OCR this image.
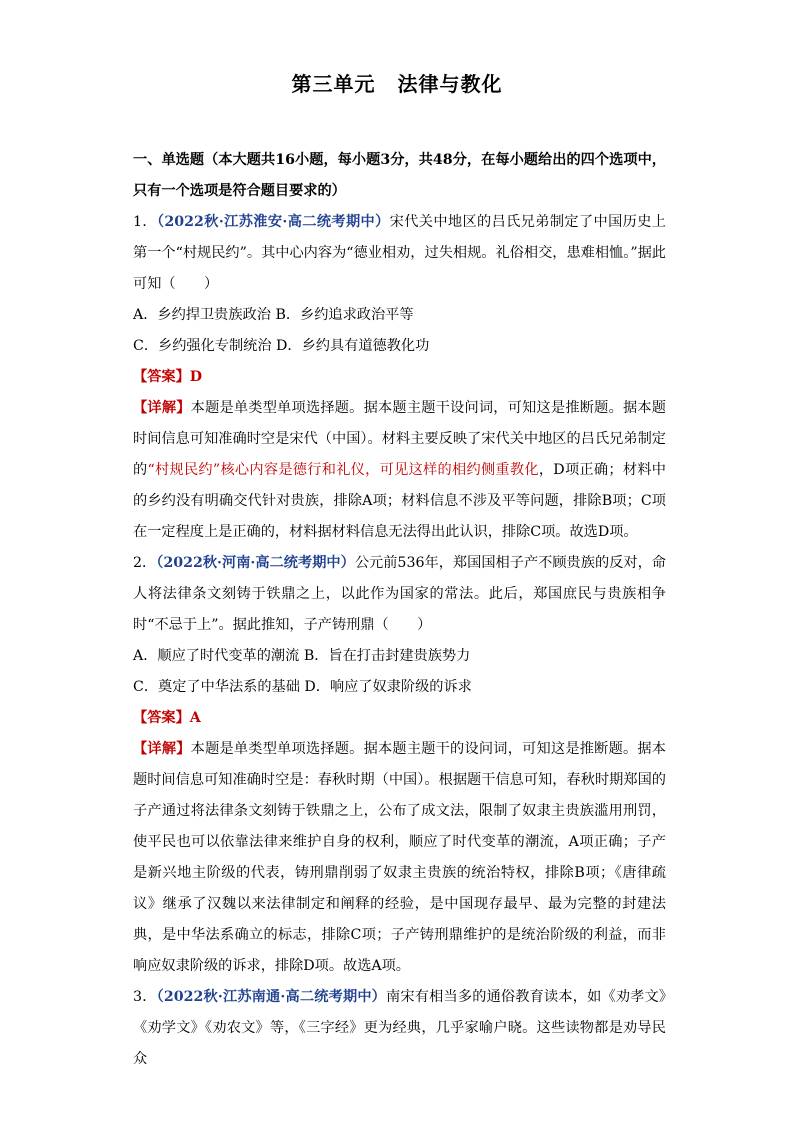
第三单元 法律与教化

一、单选题（本大题共16小题，每小题3分，共48分，在每小题给出的四个选项中，只有一个选项是符合题目要求的）

1．（2022秋·江苏淮安·高二统考期中）宋代关中地区的吕氏兄弟制定了中国历史上第一个“村规民约”。其中心内容为“德业相劝，过失相规。礼俗相交，患难相恤。”据此可知（　　）

A．乡约捍卫贵族政治 B．乡约追求政治平等

C．乡约强化专制统治 D．乡约具有道德教化功

【答案】D

【详解】本题是单类型单项选择题。据本题主题干设问词，可知这是推断题。据本题时间信息可知准确时空是宋代（中国）。材料主要反映了宋代关中地区的吕氏兄弟制定的“村规民约”核心内容是德行和礼仪，可见这样的相约侧重教化，D项正确；材料中的乡约没有明确交代针对贵族，排除A项；材料信息不涉及平等问题，排除B项；C项在一定程度上是正确的，材料据材料信息无法得出此认识，排除C项。故选D项。

2．（2022秋·河南·高二统考期中）公元前536年，郑国国相子产不顾贵族的反对，命人将法律条文刻铸于铁鼎之上，以此作为国家的常法。此后，郑国庶民与贵族相争时“不忌于上”。据此推知，子产铸刑鼎（　　）

A．顺应了时代变革的潮流 B．旨在打击封建贵族势力

C．奠定了中华法系的基础 D．响应了奴隶阶级的诉求

【答案】A

【详解】本题是单类型单项选择题。据本题主题干的设问词，可知这是推断题。据本题时间信息可知准确时空是：春秋时期（中国）。根据题干信息可知，春秋时期郑国的子产通过将法律条文刻铸于铁鼎之上，公布了成文法，限制了奴隶主贵族滥用刑罚，使平民也可以依靠法律来维护自身的权利，顺应了时代变革的潮流，A项正确；子产是新兴地主阶级的代表，铸刑鼎削弱了奴隶主贵族的统治特权，排除B项；《唐律疏议》继承了汉魏以来法律制定和阐释的经验，是中国现存最早、最为完整的封建法典，是中华法系确立的标志，排除C项；子产铸刑鼎维护的是统治阶级的利益，而非响应奴隶阶级的诉求，排除D项。故选A项。

3．（2022秋·江苏南通·高二统考期中）南宋有相当多的通俗教育读本，如《劝孝文》《劝学文》《劝农文》等，《三字经》更为经典，几乎家喻户晓。这些读物都是劝导民众
